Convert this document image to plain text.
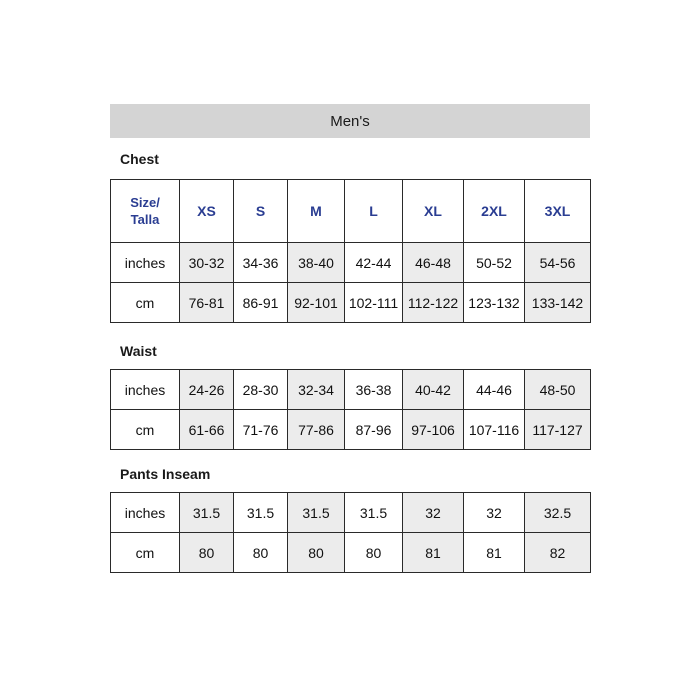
Men's
Chest
Size/
Talla	XS	S	M	L	XL	2XL	3XL
inches	30-32	34-36	38-40	42-44	46-48	50-52	54-56
cm	76-81	86-91	92-101	102-111	112-122	123-132	133-142
Waist
inches	24-26	28-30	32-34	36-38	40-42	44-46	48-50
cm	61-66	71-76	77-86	87-96	97-106	107-116	117-127
Pants Inseam
inches	31.5	31.5	31.5	31.5	32	32	32.5
cm	80	80	80	80	81	81	82
